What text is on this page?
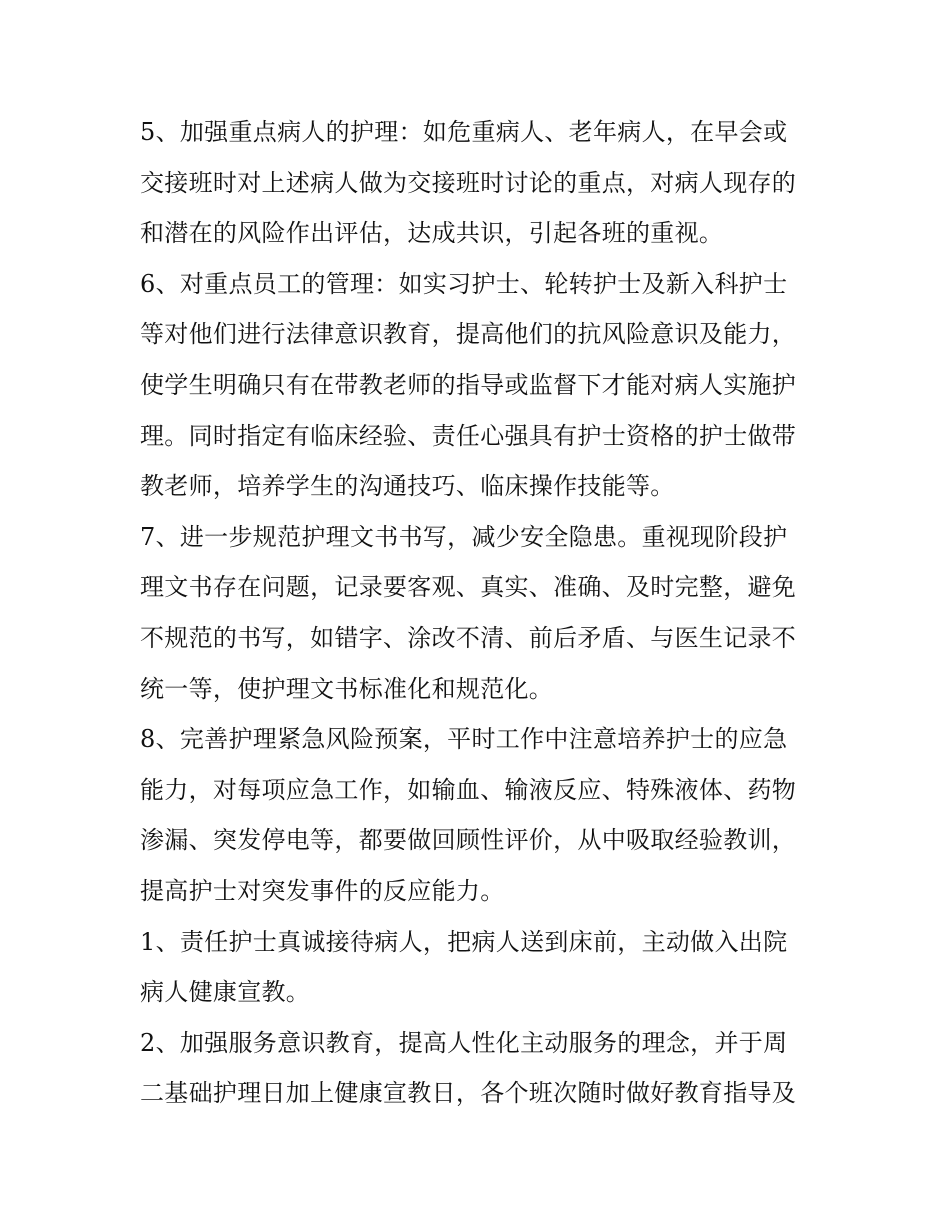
5、加强重点病人的护理：如危重病人、老年病人，在早会或
交接班时对上述病人做为交接班时讨论的重点，对病人现存的
和潜在的风险作出评估，达成共识，引起各班的重视。
6、对重点员工的管理：如实习护士、轮转护士及新入科护士
等对他们进行法律意识教育，提高他们的抗风险意识及能力，
使学生明确只有在带教老师的指导或监督下才能对病人实施护
理。同时指定有临床经验、责任心强具有护士资格的护士做带
教老师，培养学生的沟通技巧、临床操作技能等。
7、进一步规范护理文书书写，减少安全隐患。重视现阶段护
理文书存在问题，记录要客观、真实、准确、及时完整，避免
不规范的书写，如错字、涂改不清、前后矛盾、与医生记录不
统一等，使护理文书标准化和规范化。
8、完善护理紧急风险预案，平时工作中注意培养护士的应急
能力，对每项应急工作，如输血、输液反应、特殊液体、药物
渗漏、突发停电等，都要做回顾性评价，从中吸取经验教训，
提高护士对突发事件的反应能力。
1、责任护士真诚接待病人，把病人送到床前，主动做入出院
病人健康宣教。
2、加强服务意识教育，提高人性化主动服务的理念，并于周
二基础护理日加上健康宣教日，各个班次随时做好教育指导及
